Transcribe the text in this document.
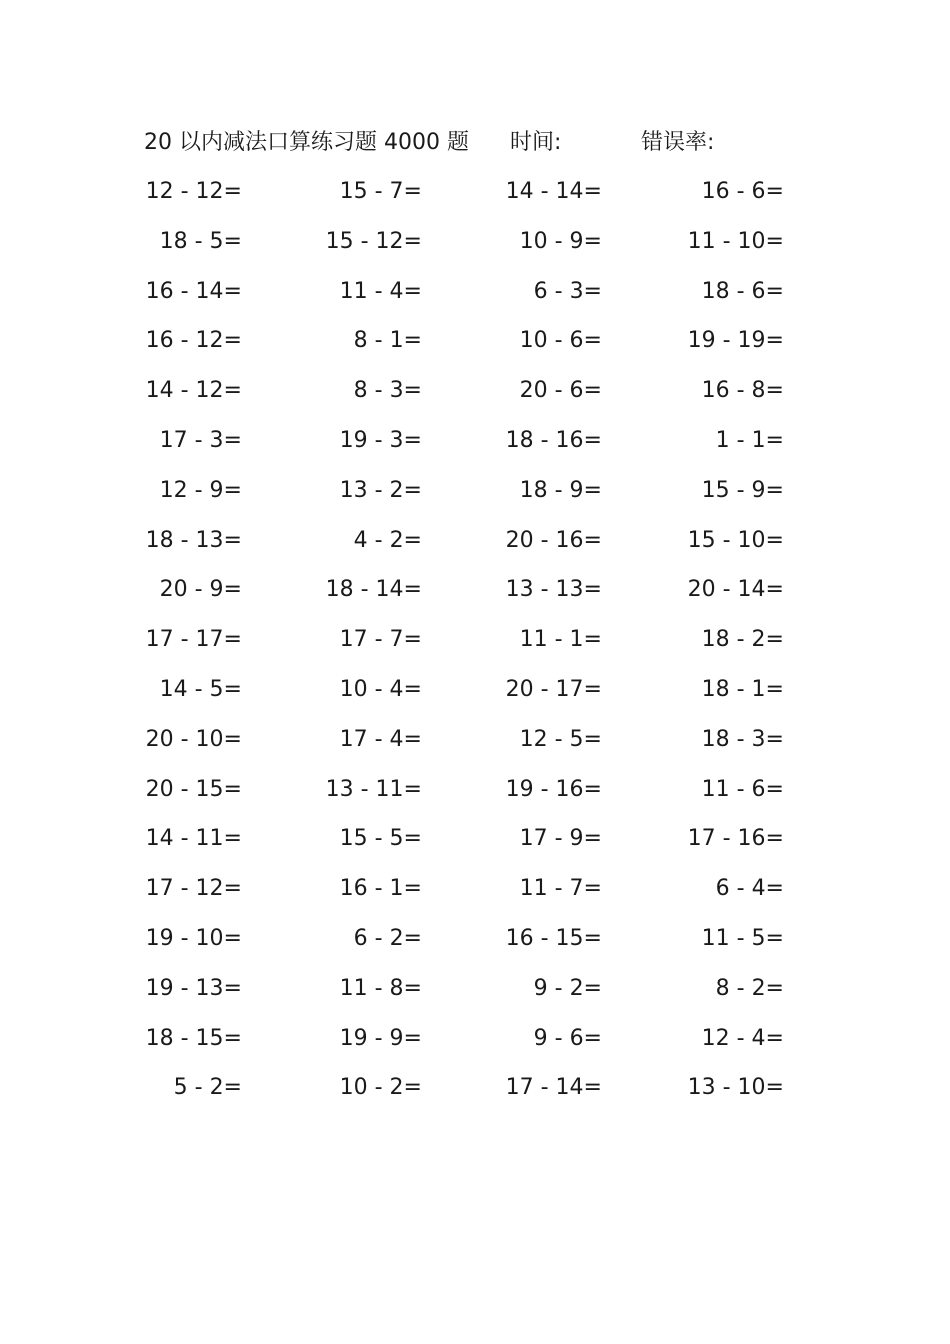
20 以内减法口算练习题 4000 题 时间:	错误率:
12 - 12=	15 - 7=	14 - 14=	16 - 6=
18 - 5=	15 - 12=	10 - 9=	11 - 10=
16 - 14=	11 - 4=	6 - 3=	18 - 6=
16 - 12=	8 - 1=	10 - 6=	19 - 19=
14 - 12=	8 - 3=	20 - 6=	16 - 8=
17 - 3=	19 - 3=	18 - 16=	1 - 1=
12 - 9=	13 - 2=	18 - 9=	15 - 9=
18 - 13=	4 - 2=	20 - 16=	15 - 10=
20 - 9=	18 - 14=	13 - 13=	20 - 14=
17 - 17=	17 - 7=	11 - 1=	18 - 2=
14 - 5=	10 - 4=	20 - 17=	18 - 1=
20 - 10=	17 - 4=	12 - 5=	18 - 3=
20 - 15=	13 - 11=	19 - 16=	11 - 6=
14 - 11=	15 - 5=	17 - 9=	17 - 16=
17 - 12=	16 - 1=	11 - 7=	6 - 4=
19 - 10=	6 - 2=	16 - 15=	11 - 5=
19 - 13=	11 - 8=	9 - 2=	8 - 2=
18 - 15=	19 - 9=	9 - 6=	12 - 4=
5 - 2=	10 - 2=	17 - 14=	13 - 10=
